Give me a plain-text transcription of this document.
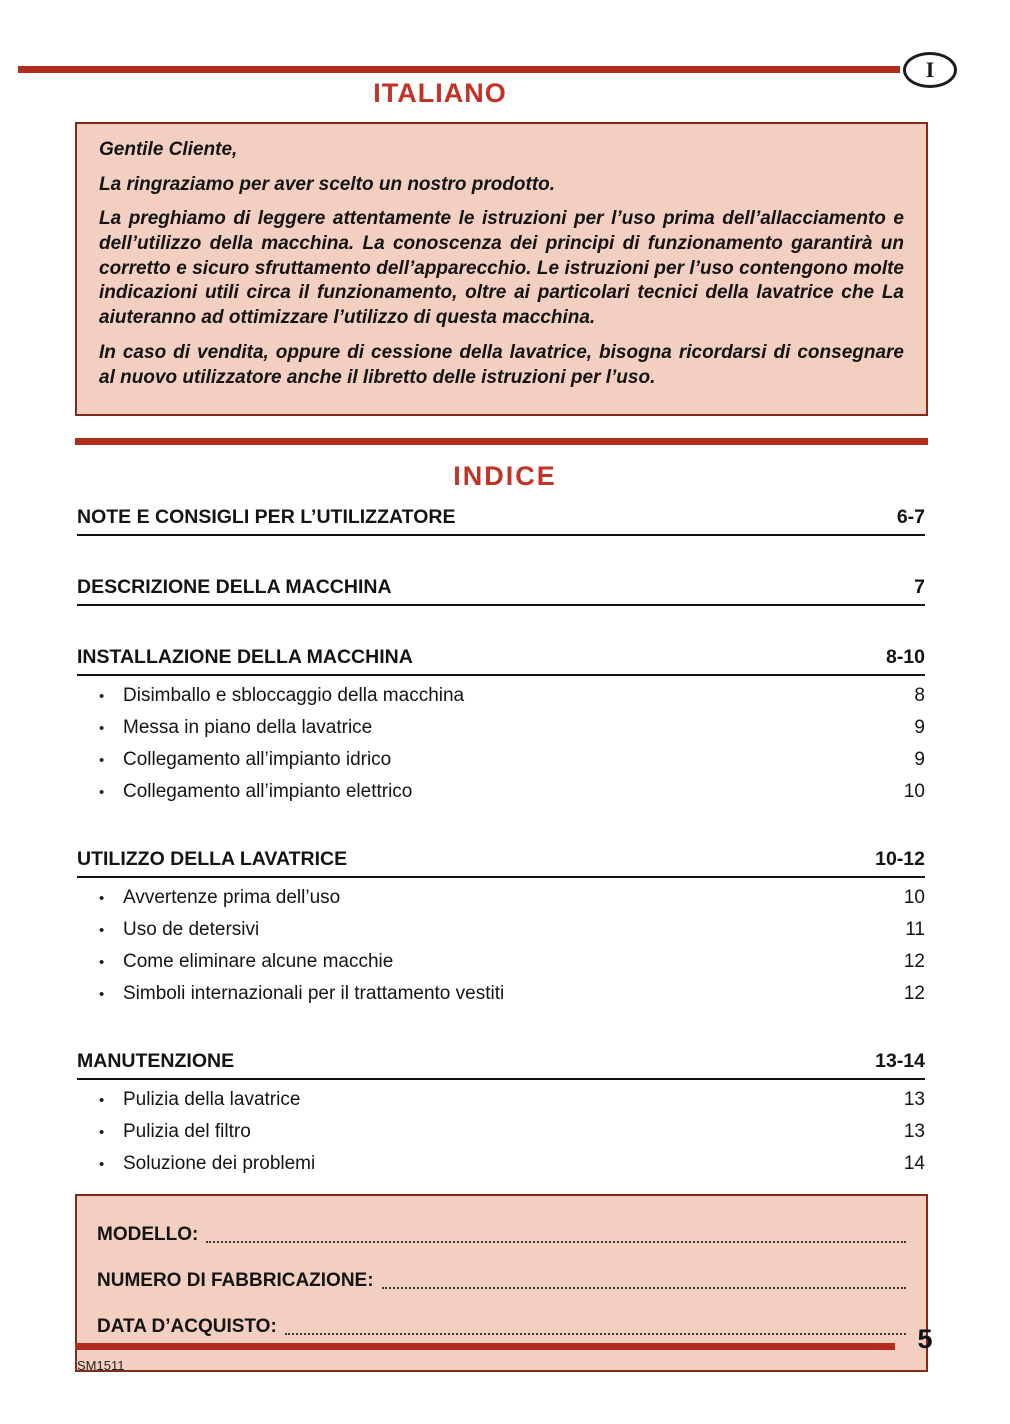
I
ITALIANO

Gentile Cliente,

La ringraziamo per aver scelto un nostro prodotto.

La preghiamo di leggere attentamente le istruzioni per l’uso prima dell’allacciamento e dell’utilizzo della macchina. La conoscenza dei principi di funzionamento garantirà un corretto e sicuro sfruttamento dell’apparecchio. Le istruzioni per l’uso contengono molte indicazioni utili circa il funzionamento, oltre ai particolari tecnici della lavatrice che La aiuteranno ad ottimizzare l’utilizzo di questa macchina.

In caso di vendita, oppure di cessione della lavatrice, bisogna ricordarsi di consegnare al nuovo utilizzatore anche il libretto delle istruzioni per l’uso.

INDICE
NOTE E CONSIGLI PER L’UTILIZZATORE	6-7
DESCRIZIONE DELLA MACCHINA	7
INSTALLAZIONE DELLA MACCHINA	8-10
• Disimballo e sbloccaggio della macchina	8
• Messa in piano della lavatrice	9
• Collegamento all’impianto idrico	9
• Collegamento all’impianto elettrico	10
UTILIZZO DELLA LAVATRICE	10-12
• Avvertenze prima dell’uso	10
• Uso de detersivi	11
• Come eliminare alcune macchie	12
• Simboli internazionali per il trattamento vestiti	12
MANUTENZIONE	13-14
• Pulizia della lavatrice	13
• Pulizia del filtro	13
• Soluzione dei problemi	14
MODELLO:
NUMERO DI FABBRICAZIONE:
DATA D’ACQUISTO:	5
SM1511
